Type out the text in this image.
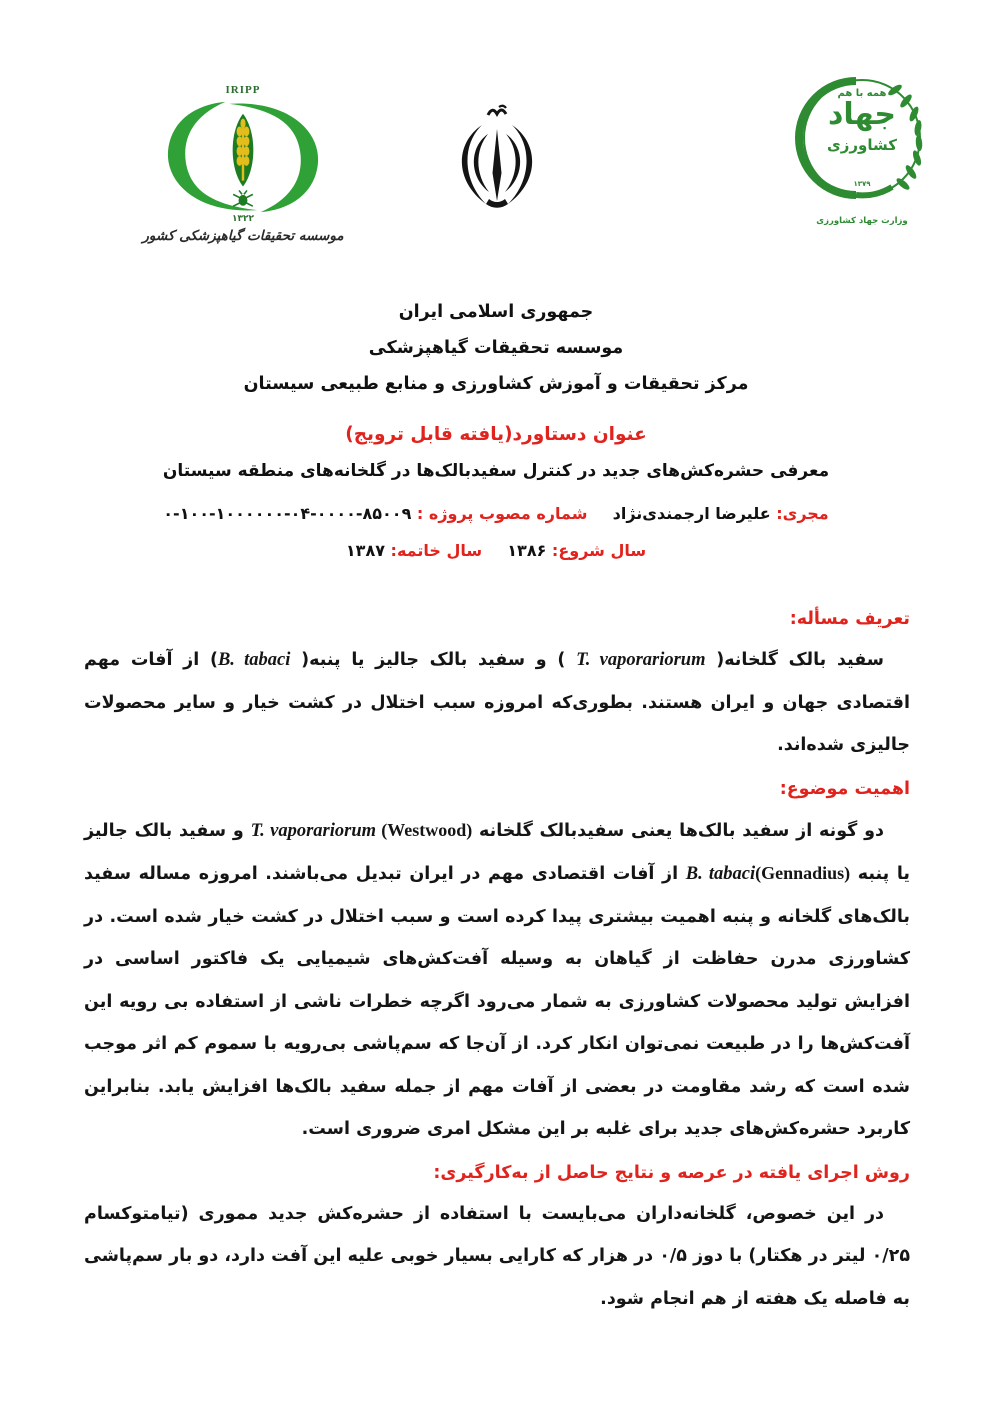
IRIPP
۱۳۲۲
موسسه تحقیقات گیاهپزشکی کشور
همه با هم
جهاد
کشاورزی
۱۳۷۹
وزارت جهاد کشاورزی
جمهوری اسلامی ایران
موسسه تحقیقات گیاهپزشکی
مرکز تحقیقات و آموزش کشاورزی و منابع طبیعی سیستان
عنوان دستاورد(یافته قابل ترویج)
معرفی حشره‌کش‌های جدید در کنترل سفیدبالک‌ها در گلخانه‌های منطقه سیستان
مجری: علیرضا ارجمندی‌نژاد  شماره مصوب پروژه : ۸۵۰۰۹-۰۰۰۰-۰۴-۱۰۰۰۰۰۰-۱۰۰-۰
سال شروع: ۱۳۸۶  سال خاتمه: ۱۳۸۷
تعریف مسأله:

سفید بالک گلخانه( T. vaporariorum ) و سفید بالک جالیز یا پنبه( B. tabaci) از آفات مهم اقتصادی جهان و ایران هستند. بطوری‌که امروزه سبب اختلال در کشت خیار و سایر محصولات جالیزی شده‌اند.

اهمیت موضوع:

دو گونه از سفید بالک‌ها یعنی سفیدبالک گلخانه T. vaporariorum (Westwood) و سفید بالک جالیز یا پنبه B. tabaci(Gennadius) از آفات اقتصادی مهم در ایران تبدیل می‌باشند. امروزه مساله سفید بالک‌های گلخانه و پنبه اهمیت بیشتری پیدا کرده است و سبب اختلال در کشت خیار شده است. در کشاورزی مدرن حفاظت از گیاهان به وسیله آفت‌کش‌های شیمیایی یک فاکتور اساسی در افزایش تولید محصولات کشاورزی به شمار می‌رود اگرچه خطرات ناشی از استفاده بی رویه این آفت‌کش‌ها را در طبیعت نمی‌توان انکار کرد. از آن‌جا که سم‌پاشی بی‌رویه با سموم کم اثر موجب شده است که رشد مقاومت در بعضی از آفات مهم از جمله سفید بالک‌ها افزایش یابد. بنابراین کاربرد حشره‌کش‌های جدید برای غلبه بر این مشکل امری ضروری است.

روش اجرای یافته در عرصه و نتایج حاصل از به‌کارگیری:

در این خصوص، گلخانه‌داران می‌بایست با استفاده از حشره‌کش جدید مموری (تیامتوکسام ۰/۲۵ لیتر در هکتار) با دوز ۰/۵ در هزار که کارایی بسیار خوبی علیه این آفت دارد، دو بار سم‌پاشی به فاصله یک هفته از هم انجام شود.
